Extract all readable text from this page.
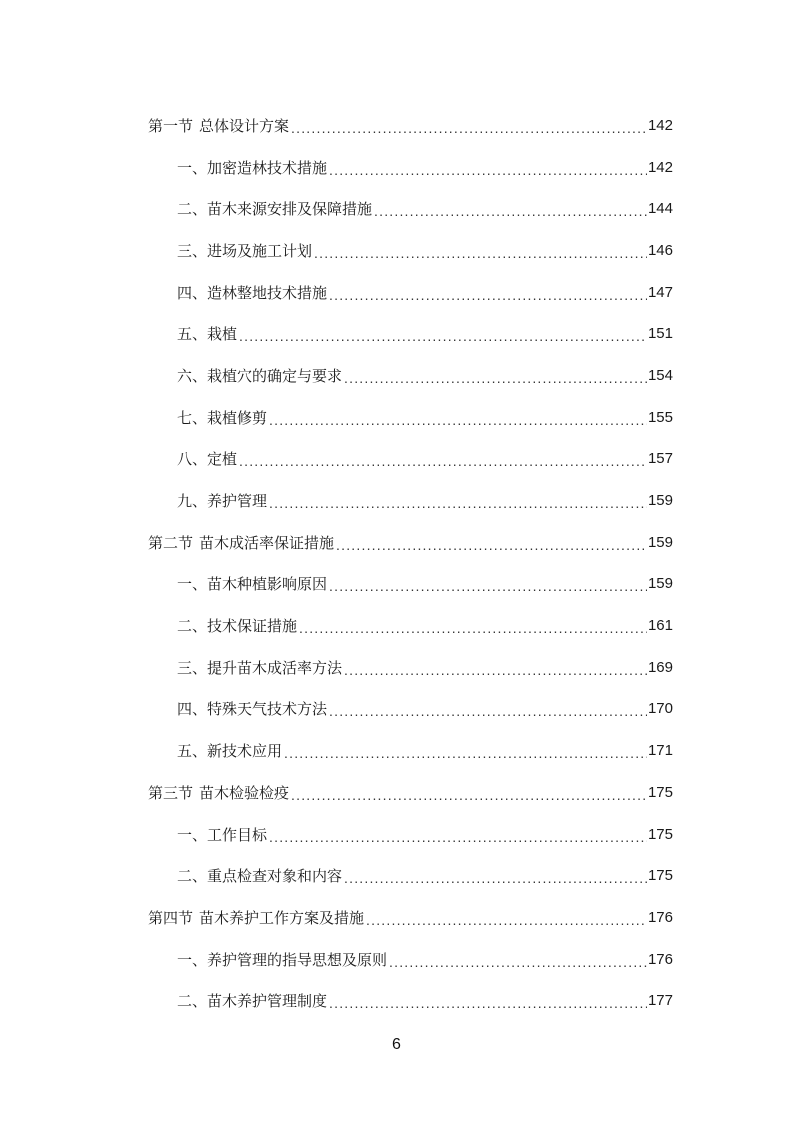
第一节 总体设计方案 .....	142
一、加密造林技术措施 .....	142
二、苗木来源安排及保障措施 .....	144
三、进场及施工计划 .....	146
四、造林整地技术措施 .....	147
五、栽植 .....	151
六、栽植穴的确定与要求 .....	154
七、栽植修剪 .....	155
八、定植 .....	157
九、养护管理 .....	159
第二节 苗木成活率保证措施 .....	159
一、苗木种植影响原因 .....	159
二、技术保证措施 .....	161
三、提升苗木成活率方法 .....	169
四、特殊天气技术方法 .....	170
五、新技术应用 .....	171
第三节 苗木检验检疫 .....	175
一、工作目标 .....	175
二、重点检查对象和内容 .....	175
第四节 苗木养护工作方案及措施 .....	176
一、养护管理的指导思想及原则 .....	176
二、苗木养护管理制度 .....	177
6
